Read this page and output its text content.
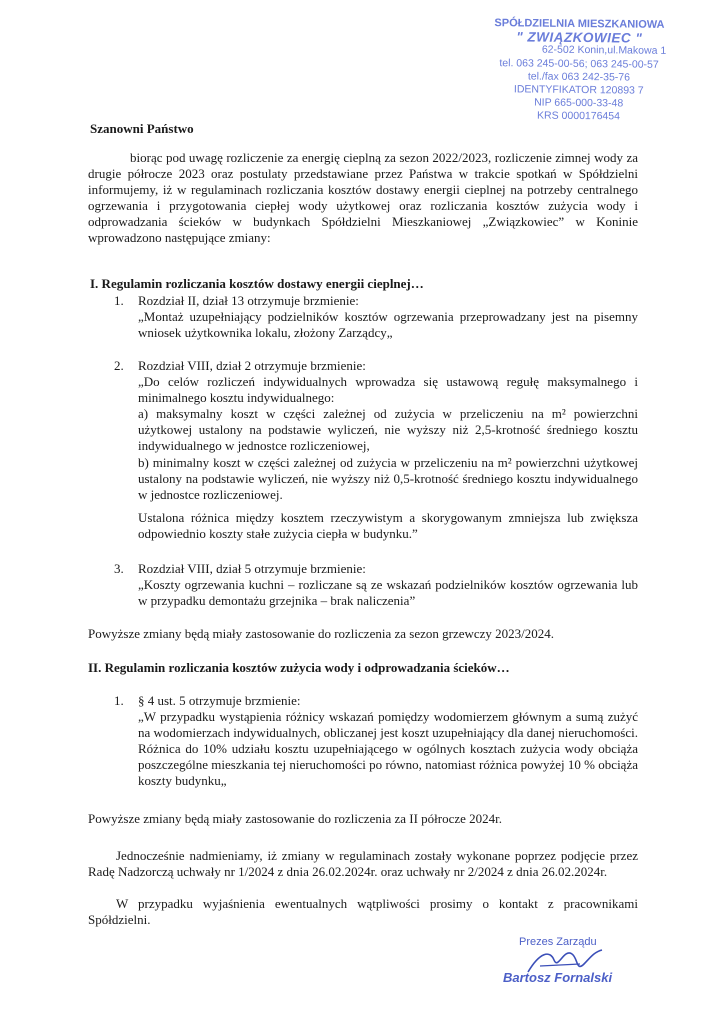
SPÓŁDZIELNIA MIESZKANIOWA
" ZWIĄZKOWIEC "
62-502 Konin,ul.Makowa 1
tel. 063 245-00-56; 063 245-00-57
tel./fax 063 242-35-76
IDENTYFIKATOR 120893 7
NIP 665-000-33-48
KRS 0000176454
Szanowni Państwo
biorąc pod uwagę rozliczenie za energię cieplną za sezon 2022/2023, rozliczenie zimnej wody za drugie półrocze 2023 oraz postulaty przedstawiane przez Państwa w trakcie spotkań w Spółdzielni informujemy, iż w regulaminach rozliczania kosztów dostawy energii cieplnej na potrzeby centralnego ogrzewania i przygotowania ciepłej wody użytkowej oraz rozliczania kosztów zużycia wody i odprowadzania ścieków w budynkach Spółdzielni Mieszkaniowej „Związkowiec” w Koninie wprowadzono następujące zmiany:
I. Regulamin rozliczania kosztów dostawy energii cieplnej…
1. Rozdział II, dział 13 otrzymuje brzmienie:
„Montaż uzupełniający podzielników kosztów ogrzewania przeprowadzany jest na pisemny wniosek użytkownika lokalu, złożony Zarządcy„
2. Rozdział VIII, dział 2 otrzymuje brzmienie:
„Do celów rozliczeń indywidualnych wprowadza się ustawową regułę maksymalnego i minimalnego kosztu indywidualnego:
a) maksymalny koszt w części zależnej od zużycia w przeliczeniu na m² powierzchni użytkowej ustalony na podstawie wyliczeń, nie wyższy niż 2,5-krotność średniego kosztu indywidualnego w jednostce rozliczeniowej,
b) minimalny koszt w części zależnej od zużycia w przeliczeniu na m² powierzchni użytkowej ustalony na podstawie wyliczeń, nie wyższy niż 0,5-krotność średniego kosztu indywidualnego w jednostce rozliczeniowej.
Ustalona różnica między kosztem rzeczywistym a skorygowanym zmniejsza lub zwiększa odpowiednio koszty stałe zużycia ciepła w budynku.”
3. Rozdział VIII, dział 5 otrzymuje brzmienie:
„Koszty ogrzewania kuchni – rozliczane są ze wskazań podzielników kosztów ogrzewania lub w przypadku demontażu grzejnika – brak naliczenia”
Powyższe zmiany będą miały zastosowanie do rozliczenia za sezon grzewczy 2023/2024.
II. Regulamin rozliczania kosztów zużycia wody i odprowadzania ścieków…
1. § 4 ust. 5 otrzymuje brzmienie:
„W przypadku wystąpienia różnicy wskazań pomiędzy wodomierzem głównym a sumą zużyć na wodomierzach indywidualnych, obliczanej jest koszt uzupełniający dla danej nieruchomości. Różnica do 10% udziału kosztu uzupełniającego w ogólnych kosztach zużycia wody obciąża poszczególne mieszkania tej nieruchomości po równo, natomiast różnica powyżej 10 % obciąża koszty budynku„
Powyższe zmiany będą miały zastosowanie do rozliczenia za II półrocze 2024r.
Jednocześnie nadmieniamy, iż zmiany w regulaminach zostały wykonane poprzez podjęcie przez Radę Nadzorczą uchwały nr 1/2024 z dnia 26.02.2024r. oraz uchwały nr 2/2024 z dnia 26.02.2024r.
W przypadku wyjaśnienia ewentualnych wątpliwości prosimy o kontakt z pracownikami Spółdzielni.
Prezes Zarządu
Bartosz Fornalski
